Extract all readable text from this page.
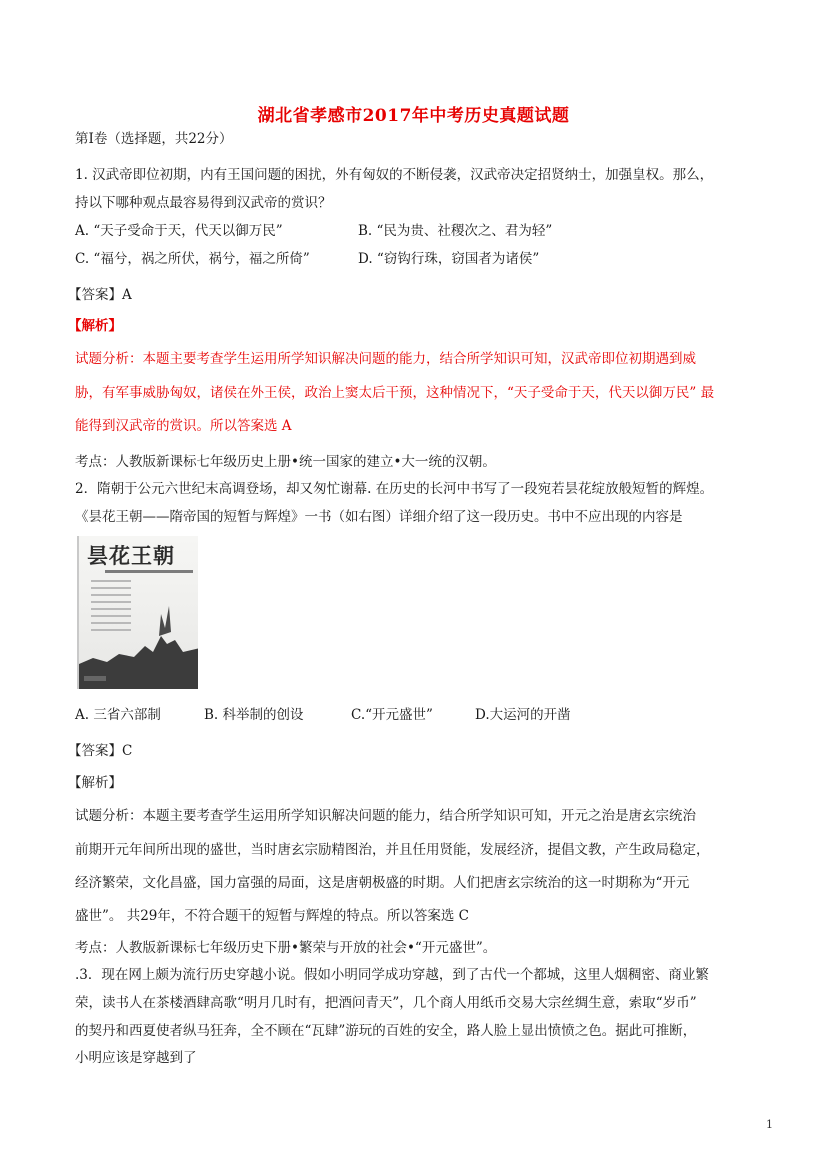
湖北省孝感市2017年中考历史真题试题
第Ⅰ卷（选择题，共22分）
1. 汉武帝即位初期，内有王国问题的困扰，外有匈奴的不断侵袭，汉武帝决定招贤纳士，加强皇权。那么，
持以下哪种观点最容易得到汉武帝的赏识？
A. “天子受命于天，代天以御万民”	B. “民为贵、社稷次之、君为轻”
C. “福兮，祸之所伏，祸兮，福之所倚”	D. “窃钩行珠，窃国者为诸侯”
【答案】A
【解析】
试题分析：本题主要考查学生运用所学知识解决问题的能力，结合所学知识可知，汉武帝即位初期遇到威
胁，有军事威胁匈奴，诸侯在外王侯，政治上窦太后干预，这种情况下，“天子受命于天，代天以御万民” 最
能得到汉武帝的赏识。所以答案选 A
考点：人教版新课标七年级历史上册•统一国家的建立•大一统的汉朝。
2．隋朝于公元六世纪末高调登场，却又匆忙谢幕. 在历史的长河中书写了一段宛若昙花绽放般短暂的辉煌。
《昙花王朝——隋帝国的短暂与辉煌》一书（如右图）详细介绍了这一段历史。书中不应出现的内容是
昙花王朝
A. 三省六部制	B. 科举制的创设	C.“开元盛世”	D.大运河的开凿
【答案】C
【解析】
试题分析：本题主要考查学生运用所学知识解决问题的能力，结合所学知识可知，开元之治是唐玄宗统治
前期开元年间所出现的盛世，当时唐玄宗励精图治，并且任用贤能，发展经济，提倡文教，产生政局稳定，
经济繁荣，文化昌盛，国力富强的局面，这是唐朝极盛的时期。人们把唐玄宗统治的这一时期称为“开元
盛世”。 共29年，不符合题干的短暂与辉煌的特点。所以答案选 C
考点：人教版新课标七年级历史下册•繁荣与开放的社会•“开元盛世”。
.3．现在网上颇为流行历史穿越小说。假如小明同学成功穿越，到了古代一个都城，这里人烟稠密、商业繁
荣，读书人在茶楼酒肆高歌“明月几时有，把酒问青天”，几个商人用纸币交易大宗丝绸生意，索取“岁币”
的契丹和西夏使者纵马狂奔，全不顾在“瓦肆”游玩的百姓的安全，路人脸上显出愤愤之色。据此可推断，
小明应该是穿越到了
1
